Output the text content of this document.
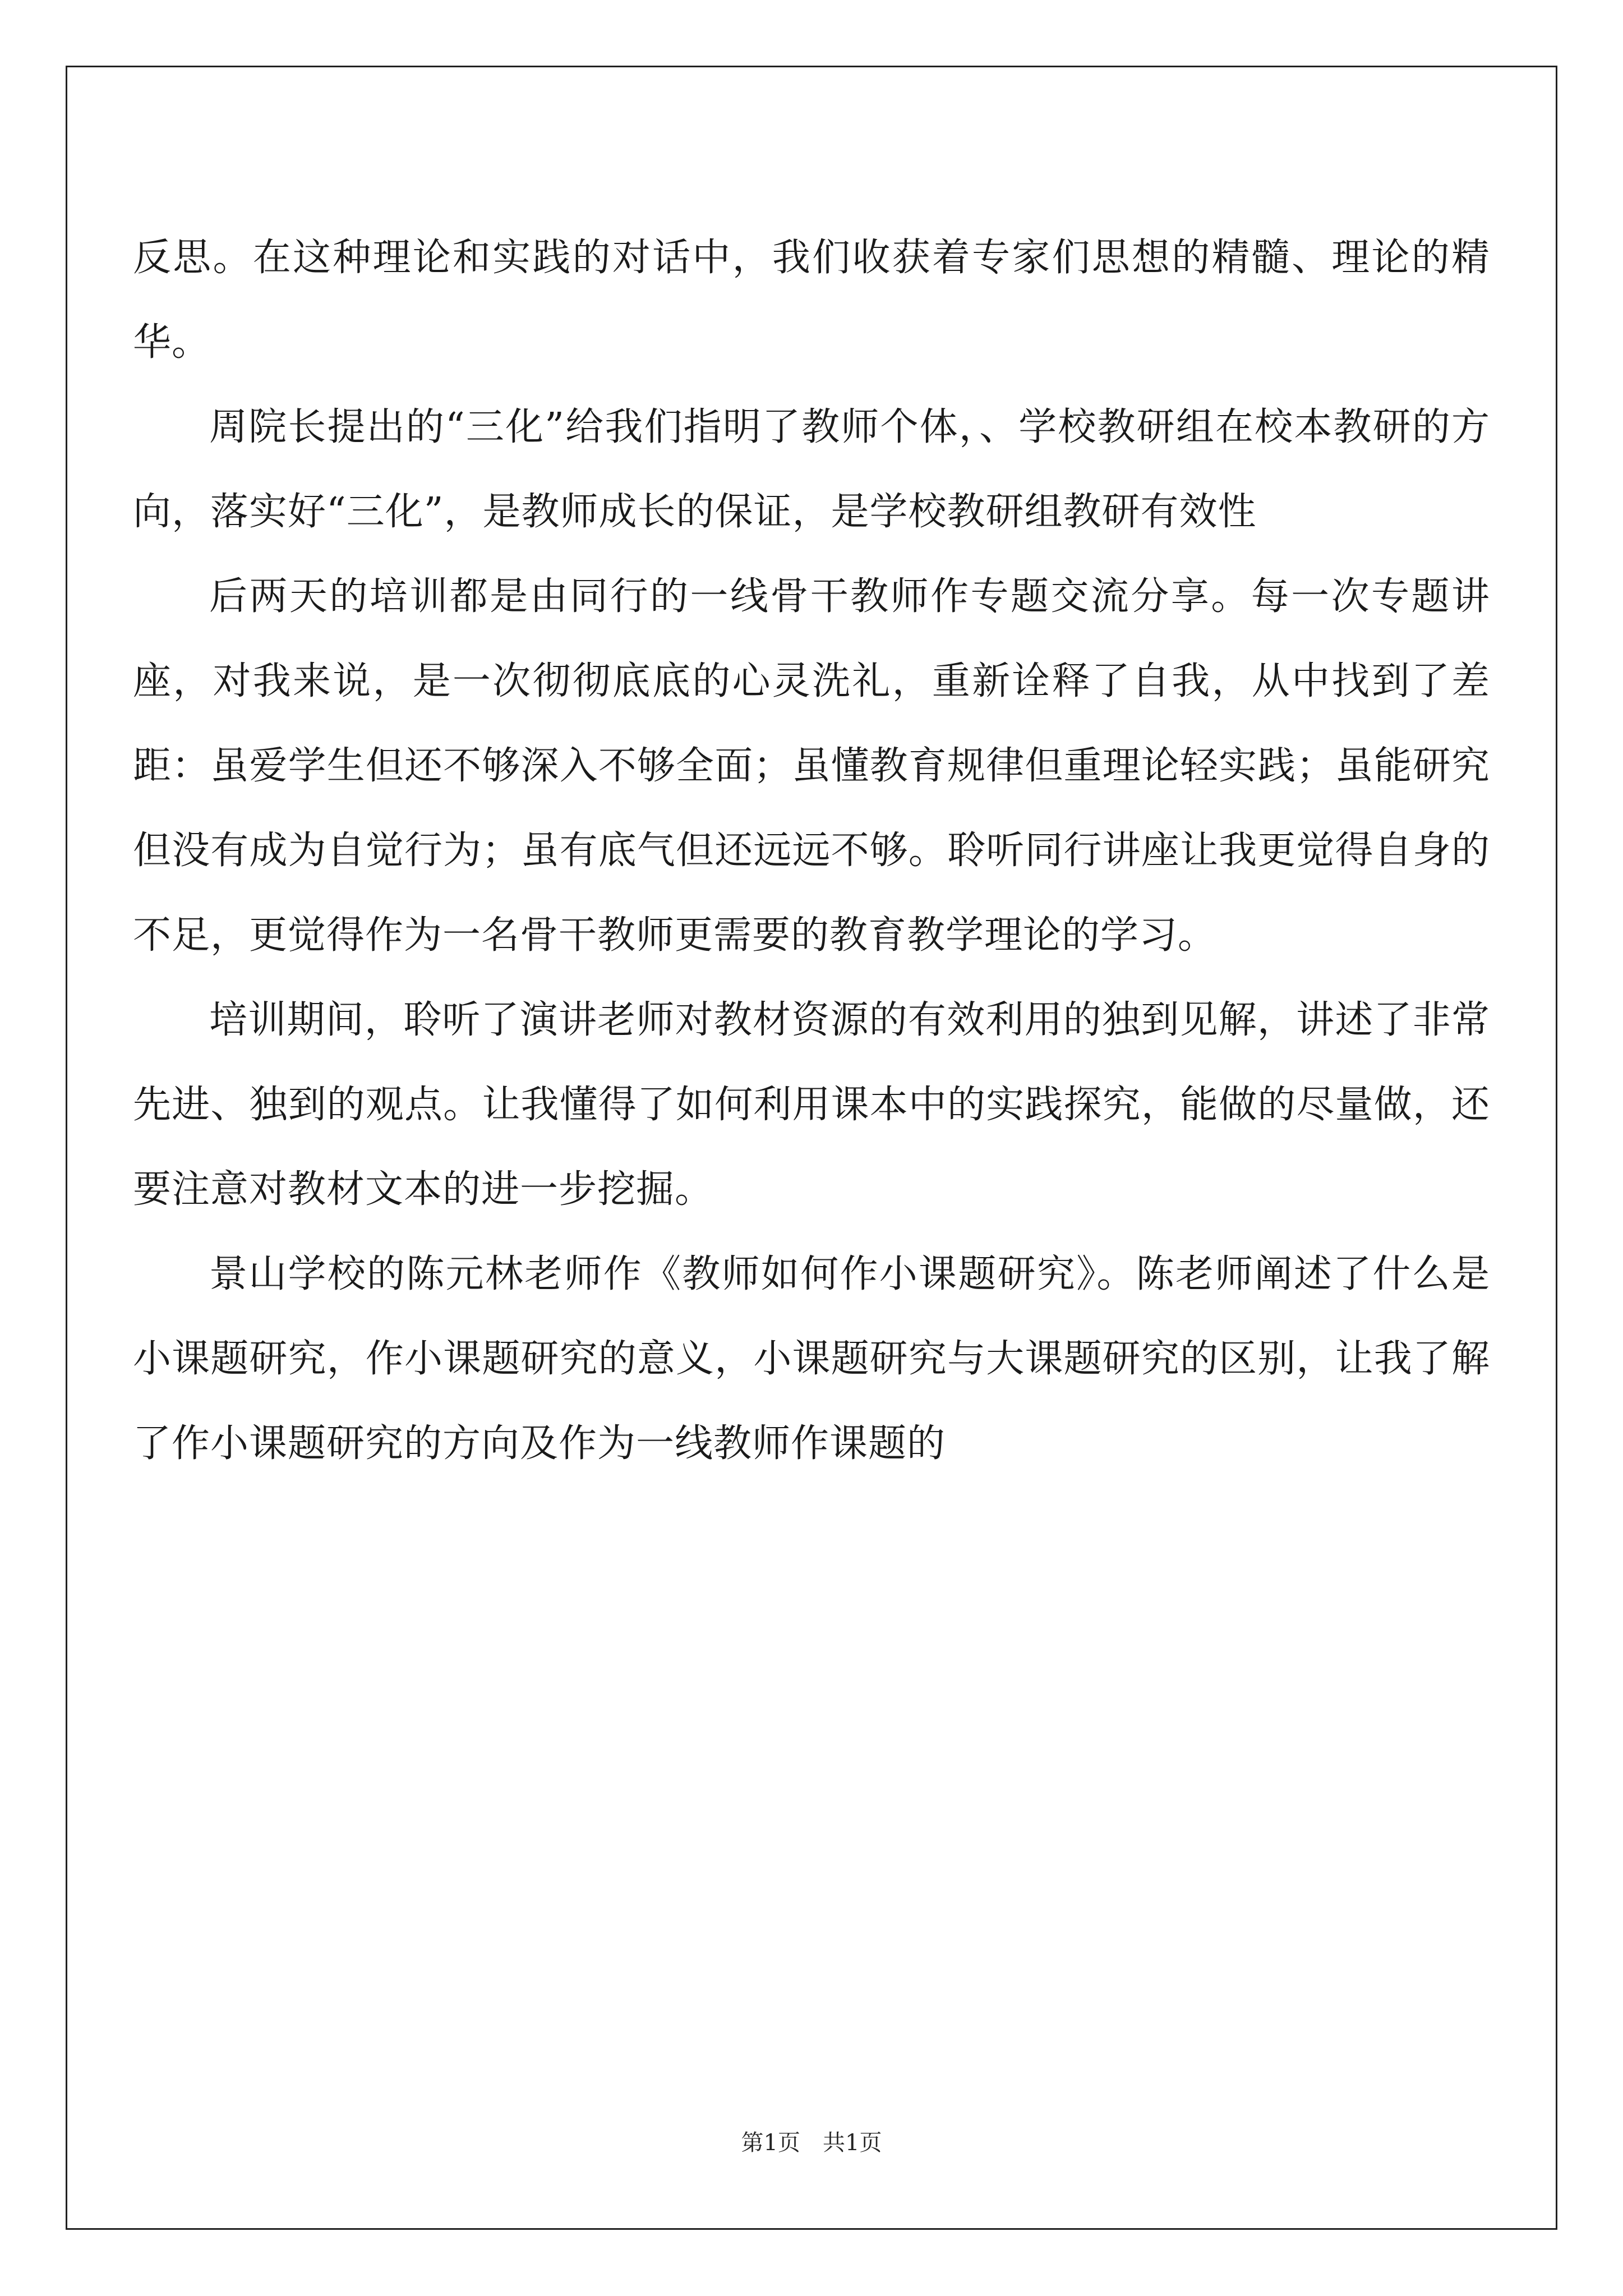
反思。在这种理论和实践的对话中，我们收获着专家们思想的精髓、理论的精华。

周院长提出的“三化”给我们指明了教师个体，、学校教研组在校本教研的方向，落实好“三化”，是教师成长的保证，是学校教研组教研有效性

后两天的培训都是由同行的一线骨干教师作专题交流分享。每一次专题讲座，对我来说，是一次彻彻底底的心灵洗礼，重新诠释了自我，从中找到了差距：虽爱学生但还不够深入不够全面；虽懂教育规律但重理论轻实践；虽能研究但没有成为自觉行为；虽有底气但还远远不够。聆听同行讲座让我更觉得自身的不足，更觉得作为一名骨干教师更需要的教育教学理论的学习。

培训期间，聆听了演讲老师对教材资源的有效利用的独到见解，讲述了非常先进、独到的观点。让我懂得了如何利用课本中的实践探究，能做的尽量做，还要注意对教材文本的进一步挖掘。

景山学校的陈元林老师作《教师如何作小课题研究》。陈老师阐述了什么是小课题研究，作小课题研究的意义，小课题研究与大课题研究的区别，让我了解了作小课题研究的方向及作为一线教师作课题的

第1页 共1页
